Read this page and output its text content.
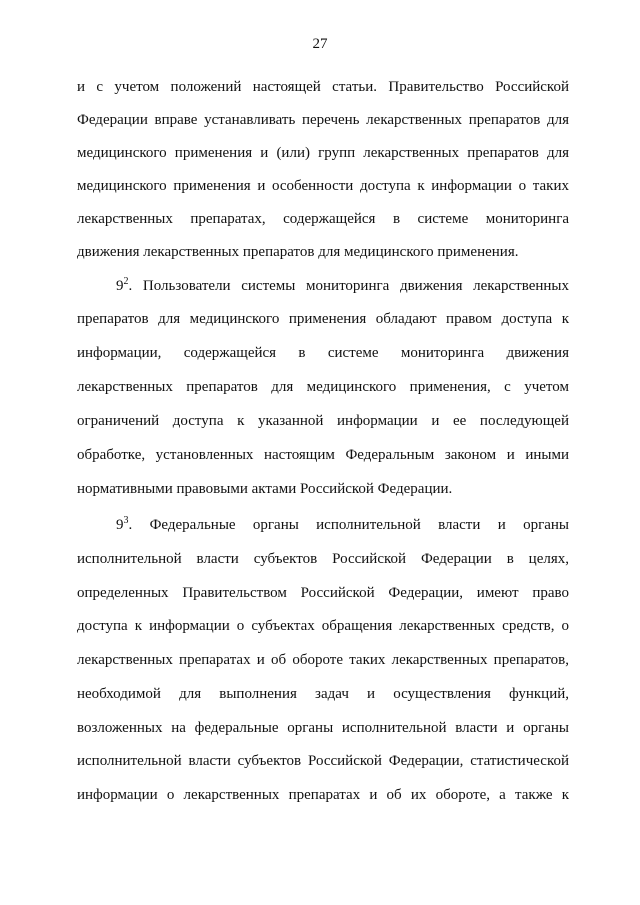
27
и с учетом положений настоящей статьи. Правительство Российской
Федерации вправе устанавливать перечень лекарственных препаратов для
медицинского применения и (или) групп лекарственных препаратов для
медицинского применения и особенности доступа к информации о таких
лекарственных препаратах, содержащейся в системе мониторинга
движения лекарственных препаратов для медицинского применения.
$9^2$. Пользователи системы мониторинга движения лекарственных
препаратов для медицинского применения обладают правом доступа к
информации, содержащейся в системе мониторинга движения
лекарственных препаратов для медицинского применения, с учетом
ограничений доступа к указанной информации и ее последующей
обработке, установленных настоящим Федеральным законом и иными
нормативными правовыми актами Российской Федерации.
$9^3$. Федеральные органы исполнительной власти и органы
исполнительной власти субъектов Российской Федерации в целях,
определенных Правительством Российской Федерации, имеют право
доступа к информации о субъектах обращения лекарственных средств, о
лекарственных препаратах и об обороте таких лекарственных препаратов,
необходимой для выполнения задач и осуществления функций,
возложенных на федеральные органы исполнительной власти и органы
исполнительной власти субъектов Российской Федерации, статистической
информации о лекарственных препаратах и об их обороте, а также к
